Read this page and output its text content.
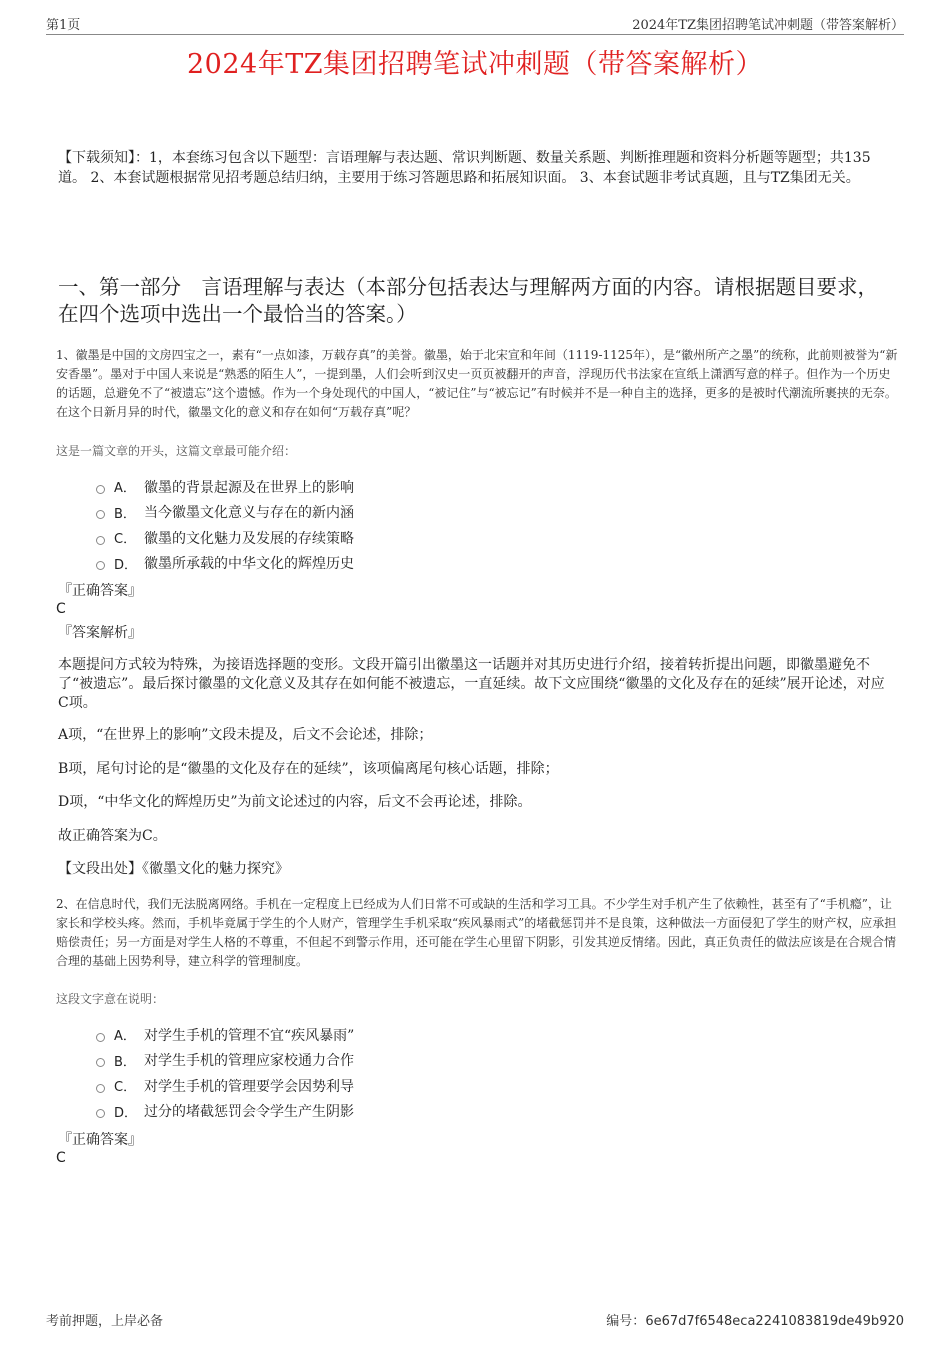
第1页	2024年TZ集团招聘笔试冲刺题（带答案解析）
2024年TZ集团招聘笔试冲刺题（带答案解析）
【下载须知】：1，本套练习包含以下题型：言语理解与表达题、常识判断题、数量关系题、判断推理题和资料分析题等题型；共135道。 2、本套试题根据常见招考题总结归纳，主要用于练习答题思路和拓展知识面。 3、本套试题非考试真题，且与TZ集团无关。
一、第一部分　言语理解与表达（本部分包括表达与理解两方面的内容。请根据题目要求，在四个选项中选出一个最恰当的答案。）
1、徽墨是中国的文房四宝之一，素有“一点如漆，万载存真”的美誉。徽墨，始于北宋宣和年间（1119-1125年），是“徽州所产之墨”的统称，此前则被誉为“新安香墨”。墨对于中国人来说是“熟悉的陌生人”，一提到墨，人们会听到汉史一页页被翻开的声音，浮现历代书法家在宣纸上潇洒写意的样子。但作为一个历史的话题，总避免不了“被遗忘”这个遗憾。作为一个身处现代的中国人，“被记住”与“被忘记”有时候并不是一种自主的选择，更多的是被时代潮流所裹挟的无奈。在这个日新月异的时代，徽墨文化的意义和存在如何“万载存真”呢？
这是一篇文章的开头，这篇文章最可能介绍：
A． 徽墨的背景起源及在世界上的影响
B． 当今徽墨文化意义与存在的新内涵
C． 徽墨的文化魅力及发展的存续策略
D． 徽墨所承载的中华文化的辉煌历史
『正确答案』
C
『答案解析』
本题提问方式较为特殊，为接语选择题的变形。文段开篇引出徽墨这一话题并对其历史进行介绍，接着转折提出问题，即徽墨避免不了“被遗忘”。最后探讨徽墨的文化意义及其存在如何能不被遗忘，一直延续。故下文应围绕“徽墨的文化及存在的延续”展开论述，对应C项。
A项，“在世界上的影响”文段未提及，后文不会论述，排除；
B项，尾句讨论的是“徽墨的文化及存在的延续”，该项偏离尾句核心话题，排除；
D项，“中华文化的辉煌历史”为前文论述过的内容，后文不会再论述，排除。
故正确答案为C。
【文段出处】《徽墨文化的魅力探究》
2、在信息时代，我们无法脱离网络。手机在一定程度上已经成为人们日常不可或缺的生活和学习工具。不少学生对手机产生了依赖性，甚至有了“手机瘾”，让家长和学校头疼。然而，手机毕竟属于学生的个人财产，管理学生手机采取“疾风暴雨式”的堵截惩罚并不是良策，这种做法一方面侵犯了学生的财产权，应承担赔偿责任；另一方面是对学生人格的不尊重，不但起不到警示作用，还可能在学生心里留下阴影，引发其逆反情绪。因此，真正负责任的做法应该是在合规合情合理的基础上因势利导，建立科学的管理制度。
这段文字意在说明：
A． 对学生手机的管理不宜“疾风暴雨”
B． 对学生手机的管理应家校通力合作
C． 对学生手机的管理要学会因势利导
D． 过分的堵截惩罚会令学生产生阴影
『正确答案』
C
考前押题，上岸必备	编号：6e67d7f6548eca2241083819de49b920
